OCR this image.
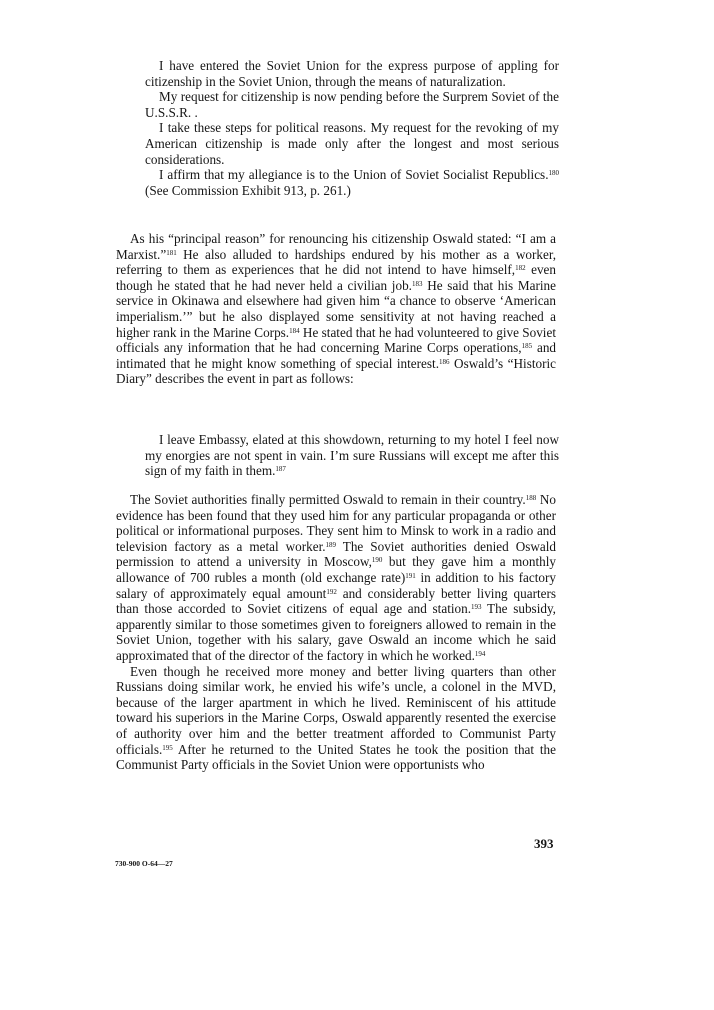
I have entered the Soviet Union for the express purpose of appling for citizenship in the Soviet Union, through the means of naturalization.

My request for citizenship is now pending before the Surprem Soviet of the U.S.S.R. .

I take these steps for political reasons. My request for the revoking of my American citizenship is made only after the longest and most serious considerations.

I affirm that my allegiance is to the Union of Soviet Socialist Republics.$^{180}$ (See Commission Exhibit 913, p. 261.)

As his “principal reason” for renouncing his citizenship Oswald stated: “I am a Marxist.”$^{181}$ He also alluded to hardships endured by his mother as a worker, referring to them as experiences that he did not intend to have himself,$^{182}$ even though he stated that he had never held a civilian job.$^{183}$ He said that his Marine service in Okinawa and elsewhere had given him “a chance to observe ‘American imperialism.’” but he also displayed some sensitivity at not having reached a higher rank in the Marine Corps.$^{184}$ He stated that he had volunteered to give Soviet officials any information that he had concerning Marine Corps operations,$^{185}$ and intimated that he might know something of special interest.$^{186}$ Oswald’s “Historic Diary” describes the event in part as follows:

I leave Embassy, elated at this showdown, returning to my hotel I feel now my enorgies are not spent in vain. I’m sure Russians will except me after this sign of my faith in them.$^{187}$

The Soviet authorities finally permitted Oswald to remain in their country.$^{188}$ No evidence has been found that they used him for any particular propaganda or other political or informational purposes. They sent him to Minsk to work in a radio and television factory as a metal worker.$^{189}$ The Soviet authorities denied Oswald permission to attend a university in Moscow,$^{190}$ but they gave him a monthly allowance of 700 rubles a month (old exchange rate)$^{191}$ in addition to his factory salary of approximately equal amount$^{192}$ and considerably better living quarters than those accorded to Soviet citizens of equal age and station.$^{193}$ The subsidy, apparently similar to those sometimes given to foreigners allowed to remain in the Soviet Union, together with his salary, gave Oswald an income which he said approximated that of the director of the factory in which he worked.$^{194}$

Even though he received more money and better living quarters than other Russians doing similar work, he envied his wife’s uncle, a colonel in the MVD, because of the larger apartment in which he lived. Reminiscent of his attitude toward his superiors in the Marine Corps, Oswald apparently resented the exercise of authority over him and the better treatment afforded to Communist Party officials.$^{195}$ After he returned to the United States he took the position that the Communist Party officials in the Soviet Union were opportunists who

393
730-900 O-64—27
